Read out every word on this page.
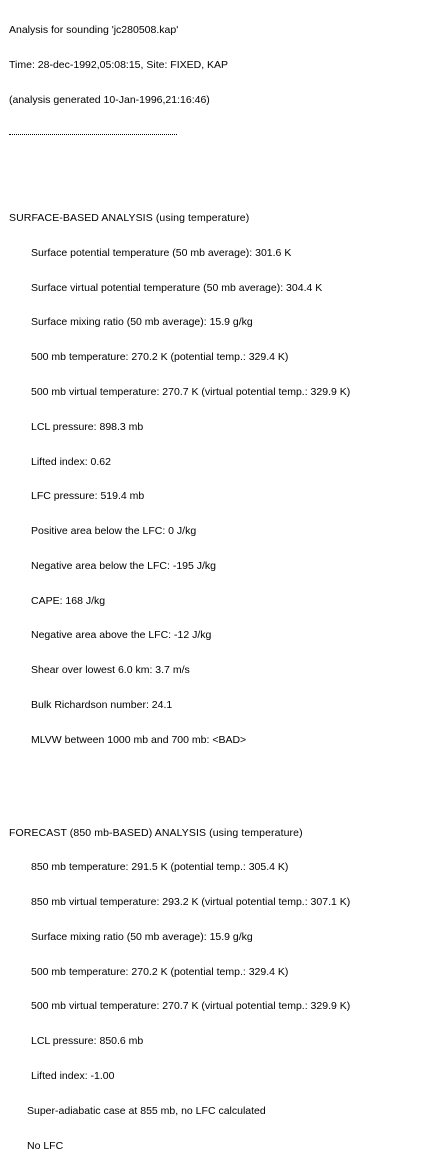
Analysis for sounding 'jc280508.kap'

Time: 28-dec-1992,05:08:15, Site: FIXED, KAP

(analysis generated 10-Jan-1996,21:16:46)

SURFACE-BASED ANALYSIS (using temperature)

Surface potential temperature (50 mb average): 301.6 K

Surface virtual potential temperature (50 mb average): 304.4 K

Surface mixing ratio (50 mb average): 15.9 g/kg

500 mb temperature: 270.2 K (potential temp.: 329.4 K)

500 mb virtual temperature: 270.7 K (virtual potential temp.: 329.9 K)

LCL pressure: 898.3 mb

Lifted index: 0.62

LFC pressure: 519.4 mb

Positive area below the LFC: 0 J/kg

Negative area below the LFC: -195 J/kg

CAPE: 168 J/kg

Negative area above the LFC: -12 J/kg

Shear over lowest 6.0 km: 3.7 m/s

Bulk Richardson number: 24.1

MLVW between 1000 mb and 700 mb: <BAD>

FORECAST (850 mb-BASED) ANALYSIS (using temperature)

850 mb temperature: 291.5 K (potential temp.: 305.4 K)

850 mb virtual temperature: 293.2 K (virtual potential temp.: 307.1 K)

Surface mixing ratio (50 mb average): 15.9 g/kg

500 mb temperature: 270.2 K (potential temp.: 329.4 K)

500 mb virtual temperature: 270.7 K (virtual potential temp.: 329.9 K)

LCL pressure: 850.6 mb

Lifted index: -1.00

Super-adiabatic case at 855 mb, no LFC calculated

No LFC
